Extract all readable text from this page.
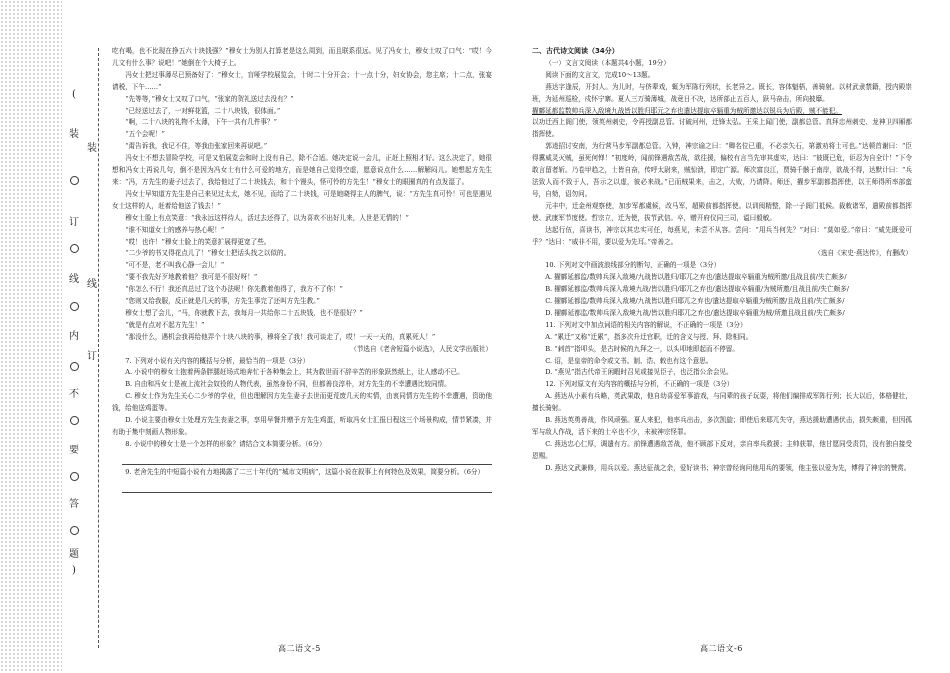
(
装
装
订
线 线
内
订
不
要
答
题
)

吃有喝，也不比现在挣五六十块钱强？”穆女士为别人打算老是这么周到，而且联系很远。见了冯女士，穆女士叹了口气：“哎！今儿文有什么事？说吧！”她倒在个大椅子上。

冯女士把过事薄尽已预备好了：“穆女士，盲哑学校展览会，十时二十分开会；十一点十分，妇女协会，您主席；十二点，张宴请税，下午……”

“先等等，”穆女士又叹了口气，“张家的贺礼送过去没有？”

“已经送过去了，一对鲜花篮，二十八块钱，很体面。”

“啊，二十八块的礼物不太薄，下午一共有几件事？”

“五个会呢！”

“甭告诉我，我记不住，等我由张家回来再说吧。”

冯女士不想去冒险学校，可是又怕展览会和时上没有自己，除不合适。她决定说一会儿，正赶上照相才好。这么决定了，她很想和冯女士再说几句，倒不是因为冯女士有什么可爱的地方，而是她自己觉得空虚，愿意说点什么……解解闷儿。她想起方先生来：“冯，方先生的妻子过去了，我给他过了二十块钱去，和十个馒头，怪可怜的方先生！”穆女士的眼圈真的有点发湿了。

冯女士早知道方先生是自己来见过太太，她不见，而给了二十块钱，可是她晓得主人的脾气，说：“方先生真可怜！可也是遇见女士这样的人，赶着给他送了钱去！”

穆女士脸上有点笑意：“我永远这样待人，活过去还得了，以为喜欢不出好儿来，人世是无情的！”

“谁不知道女士的感养与热心呢！”

“哎！也许！”穆女士脸上的笑意扩展得更宽了些。

“二少爷的书又得花点儿了！”穆女士把话头找之以似的。

“可不是，老不叫我心静一会儿！”

“要不我先好歹地教着他？我可是不很好呀！”

“你怎么不行！我还真总过了这个办法呢！你先教着他得了，我方不了你！”

“您则又给我服，反正就是几天的事，方先生事完了还叫方先生教。”

穆女士想了会儿，“马，你就教下去，我每月一共给你二十五块钱，也不是很好？”

“就是有点对不起方先生！”

“那没什么，遇机会我再给他弄个十块八块的事，穆将全了我！我可谈走了，哎！一天一天的，真累死人！”

（节选自《老舍短篇小说选》，人民文学出版社）

7. 下列对小说有关内容的概括与分析，最恰当的一项是（3分）

A. 小说中的穆女士抱着两条胖腿赶场式地奔忙于各种集会上，其为救世而不辞辛苦的形象跃然纸上，让人感动不已。

B. 自由和冯女士是被上流社会奴役的人物代表，虽然身份不同，但都善良淳朴，对方先生的不幸遭遇比较同情。

C. 穆女士作为先生关心二少爷的学业，但也理解因方先生妻子去世而更荒废几天的实情，由衷同情方先生的不幸遭遇，资助他钱，给他送鸡蛋等。

D. 小说主要由穆女士处理方先生丧妻之事，享用早餐并赠予方先生鸡蛋，听取冯女士汇报日程这三个场景构成，情节紧凑，并有助于集中刻画人物形象。

8. 小说中的穆女士是一个怎样的形象？请结合文本简要分析。（6分）

9. 老舍先生的中短篇小说有力地揭露了二三十年代的“城市文明病”，这篇小说在叙事上有何特色及效果，简要分析。（6分）

高二语文-5

二、古代诗文阅读（34分）

（一）文言文阅读（本题共4小题，19分）

阅读下面的文言文，完成10～13题。

燕达字逢辰，开封人。为儿时，与侪辈戏，辄为军陈行列状，长老异之。既长，容体魁梧，善骑射。以材武隶禁籍，授内殿崇班，为延州巡检，戍怀宁寨。夏人三万骑薄城，战竟日不决，达所部止五百人，跃马奋击，所向披靡。

擢鄜延都监数帅兵深入敌境九战皆以胜归耶元之弃也遣达提取卒辎重为贼所邀达以锐兵为后殿，贼不能犯。

以功迁西上阁门使，领英州刺史，令再授副总管。讨破河州，迁锋太弘。王采上闻门使，副都总管。真拜忠州刺史、龙神卫四厢都指挥使。

郭逵招讨安南，为行营马步军副都总管。入钟，神宗谕之曰：“卿名位已重，不必亲矢石，第激劝将士可也。”达顿首谢曰：“臣得冀威灵灭贼，虽死何惮！”初度岭，闻前锋遇敌苦战，欲往援，偏校有言当先审其虚实，达曰：“彼既已危，讵忍为自全计！”下令敢言留者斩。乃卷甲趋之，士皆自奋，传呼太尉来，贼惊溃，即定广源。师次富良江，贾骑千骸于南岸，欲战不得，达默计曰：“兵法致人而不致于人，吾示之以虚，彼必来战。”已而贼果来，击之，大败，乃请降。师还，擢步军副都指挥使，以王师得所率部蛮号，自劾，诏勿问。

元丰中，迁金州观察使，加步军都虞候，改马军，超殿前都指挥使。以训阅精整，除一子阁门祗候。裁敕诸军，遣殿前都指挥使、武康军节度使。哲宗立，迁为使，拔节武信。卒，赠开府仪同三司，谥曰毅敏。

达起行伍，喜读书，神宗以其忠实可任，每燕见，未尝不从容。尝问：“用兵当何先？”对曰：“莫如爱。”帝曰：“威先既爱可乎？”达曰：“威非不用，要以爱为先耳。”帝善之。

（选自《宋史·燕达传》，有删改）

10. 下列对文中画波浪线部分的断句，正确的一项是（3分）

A. 擢鄜延都监/数帅兵深入敌境/九战皆以胜归/耶兀之弃也/遣达提取卒辎重为贼所邀/且战且前/失亡颇多/

B. 擢鄜延都监/数帅兵深入敌境九战/皆以胜归/耶兀之弃也/遣达提取卒辎重/为贼所邀/且战且前/失亡颇多/

C. 擢鄜延都监/数帅兵深入敌境/九战皆以胜归耶兀之弃也/遣达提取卒辎重为贼所邀/且战且前/失亡颇多/

D. 擢鄜延都监/数帅兵深入敌境九战/皆以胜归耶兀之弃也/遣达提取卒辎重为贼/所邀且战且前/失亡颇多/

11. 下列对文中加点词语的相关内容的解说，不正确的一项是（3分）

A. “累迁”又称“迁累”，指多次升迁官职，迁的含义与授、拜、除相同。

B. “刺首”指叩头，是古时候的九拜之一，以头叩地即起而不停留。

C. 诏，是皇帝的命令或文书。制、诰、敕也有这个意思。

D. “燕见”指古代帝王闲暇时召见或接见臣子，也泛指公余会见。

12. 下列对原文有关内容的概括与分析，不正确的一项是（3分）

A. 燕达从小素有兵略，英武果敢，他自幼喜爱军事游戏，与同辈的孩子玩耍，将他们编排成军阵行列；长大以后，体格健壮，擅长骑射。

B. 燕达英勇善战，作风顽强。夏人来犯，他率兵出击，多次凯旋；即使后来耶兀失守，燕达援助遭遇伏击，损失颇重，但因孤军与敌人作战，活下来的士卒也不少，未被神宗怪罪。

C. 燕达忠心仁厚，调遣有方。前锋遭遇敌苦战，他不顾部下反对，亲自率兵救援；主帅获罪，他甘愿同受责罚，没有独自接受恩赐。

D. 燕达文武兼修，用兵以爱。燕达征战之余，爱好读书；神宗曾经询问他用兵的要领，他主张以爱为先，博得了神宗的赞赏。

高二语文-6
